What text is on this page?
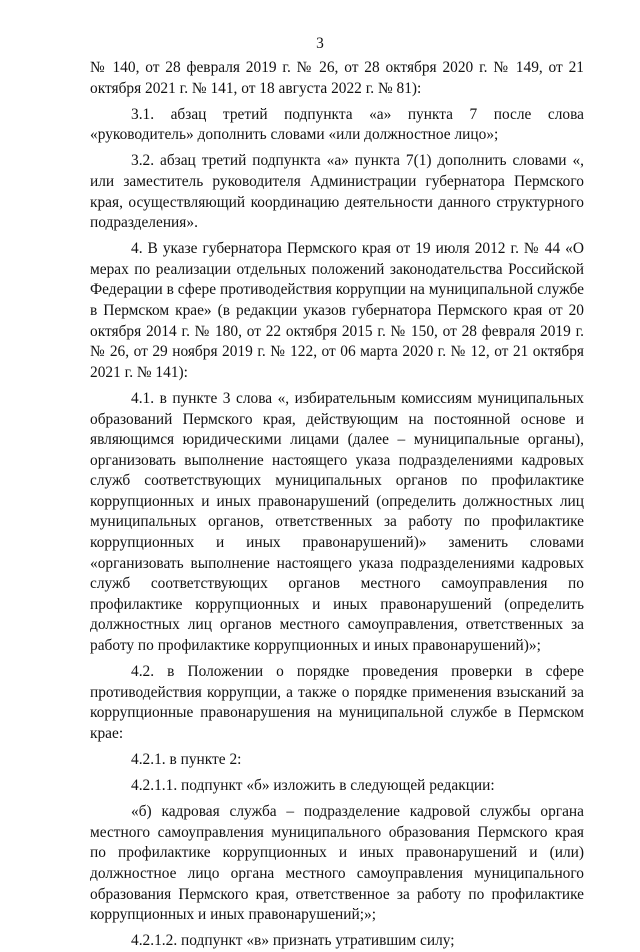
3

№ 140, от 28 февраля 2019 г. № 26, от 28 октября 2020 г. № 149, от 21 октября 2021 г. № 141, от 18 августа 2022 г. № 81):

3.1. абзац третий подпункта «а» пункта 7 после слова «руководитель» дополнить словами «или должностное лицо»;

3.2. абзац третий подпункта «а» пункта 7(1) дополнить словами «, или заместитель руководителя Администрации губернатора Пермского края, осуществляющий координацию деятельности данного структурного подразделения».

4. В указе губернатора Пермского края от 19 июля 2012 г. № 44 «О мерах по реализации отдельных положений законодательства Российской Федерации в сфере противодействия коррупции на муниципальной службе в Пермском крае» (в редакции указов губернатора Пермского края от 20 октября 2014 г. № 180, от 22 октября 2015 г. № 150, от 28 февраля 2019 г. № 26, от 29 ноября 2019 г. № 122, от 06 марта 2020 г. № 12, от 21 октября 2021 г. № 141):

4.1. в пункте 3 слова «, избирательным комиссиям муниципальных образований Пермского края, действующим на постоянной основе и являющимся юридическими лицами (далее – муниципальные органы), организовать выполнение настоящего указа подразделениями кадровых служб соответствующих муниципальных органов по профилактике коррупционных и иных правонарушений (определить должностных лиц муниципальных органов, ответственных за работу по профилактике коррупционных и иных правонарушений)» заменить словами «организовать выполнение настоящего указа подразделениями кадровых служб соответствующих органов местного самоуправления по профилактике коррупционных и иных правонарушений (определить должностных лиц органов местного самоуправления, ответственных за работу по профилактике коррупционных и иных правонарушений)»;

4.2. в Положении о порядке проведения проверки в сфере противодействия коррупции, а также о порядке применения взысканий за коррупционные правонарушения на муниципальной службе в Пермском крае:

4.2.1. в пункте 2:

4.2.1.1. подпункт «б» изложить в следующей редакции:

«б) кадровая служба – подразделение кадровой службы органа местного самоуправления муниципального образования Пермского края по профилактике коррупционных и иных правонарушений и (или) должностное лицо органа местного самоуправления муниципального образования Пермского края, ответственное за работу по профилактике коррупционных и иных правонарушений;»;

4.2.1.2. подпункт «в» признать утратившим силу;
